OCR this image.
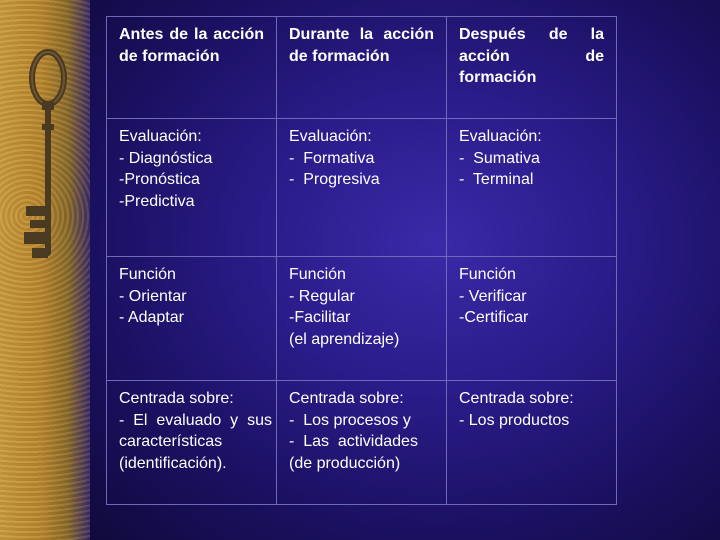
Antes de la acción de formación	Durante la acción de formación	Después de la acción de formación

Evaluación:
- Diagnóstica
-Pronóstica
-Predictiva	Evaluación:
-  Formativa
-  Progresiva	Evaluación:
-  Sumativa
-  Terminal

Función
- Orientar
- Adaptar	Función
- Regular
-Facilitar
(el aprendizaje)	Función
- Verificar
-Certificar

Centrada sobre:
-  El  evaluado  y  sus
características
(identificación).	Centrada sobre:
-  Los procesos y
-  Las  actividades
(de producción)	Centrada sobre:
- Los productos
